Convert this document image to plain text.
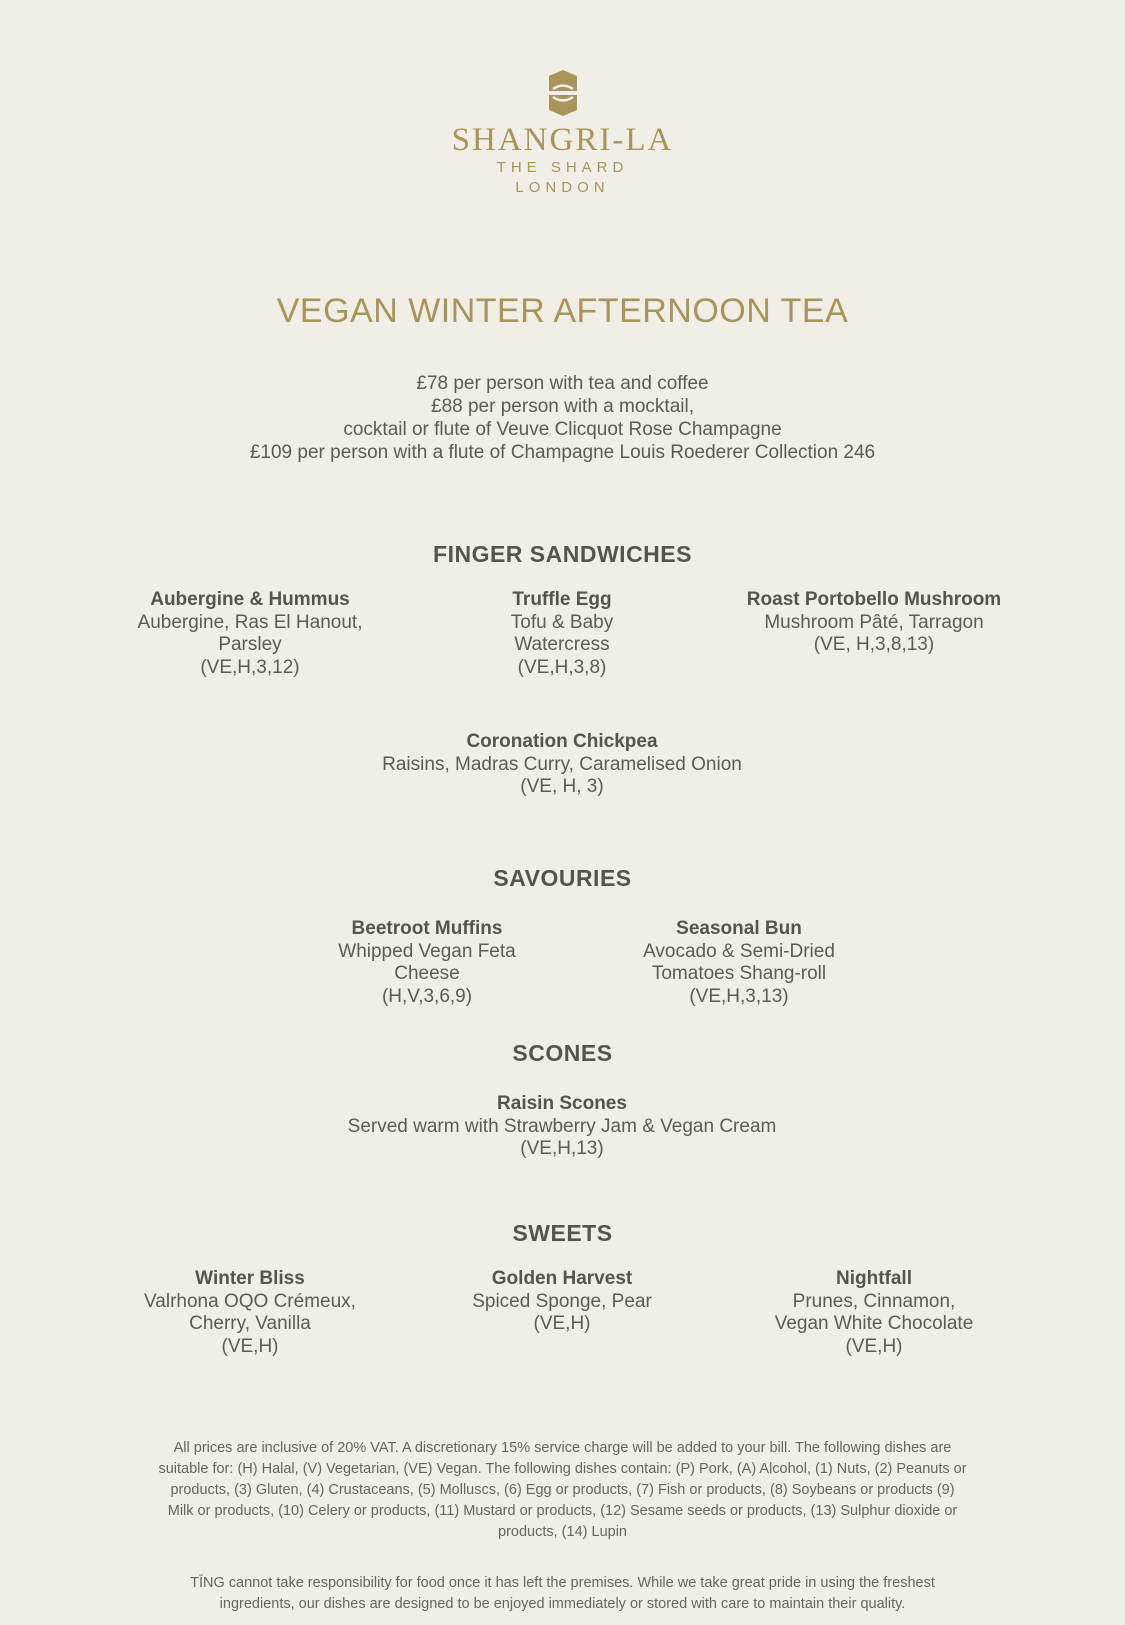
SHANGRI-LA
THE SHARD
LONDON
VEGAN WINTER AFTERNOON TEA
£78 per person with tea and coffee
£88 per person with a mocktail,
cocktail or flute of Veuve Clicquot Rose Champagne
£109 per person with a flute of Champagne Louis Roederer Collection 246
FINGER SANDWICHES
Aubergine & Hummus
Aubergine, Ras El Hanout,
Parsley
(VE,H,3,12)
Truffle Egg
Tofu & Baby
Watercress
(VE,H,3,8)
Roast Portobello Mushroom
Mushroom Pâté, Tarragon
(VE, H,3,8,13)
Coronation Chickpea
Raisins, Madras Curry, Caramelised Onion
(VE, H, 3)
SAVOURIES
Beetroot Muffins
Whipped Vegan Feta
Cheese
(H,V,3,6,9)
Seasonal Bun
Avocado & Semi-Dried
Tomatoes Shang-roll
(VE,H,3,13)
SCONES
Raisin Scones
Served warm with Strawberry Jam & Vegan Cream
(VE,H,13)
SWEETS
Winter Bliss
Valrhona OQO Crémeux,
Cherry, Vanilla
(VE,H)
Golden Harvest
Spiced Sponge, Pear
(VE,H)
Nightfall
Prunes, Cinnamon,
Vegan White Chocolate
(VE,H)
All prices are inclusive of 20% VAT. A discretionary 15% service charge will be added to your bill. The following dishes are
suitable for: (H) Halal, (V) Vegetarian, (VE) Vegan. The following dishes contain: (P) Pork, (A) Alcohol, (1) Nuts, (2) Peanuts or
products, (3) Gluten, (4) Crustaceans, (5) Molluscs, (6) Egg or products, (7) Fish or products, (8) Soybeans or products (9)
Milk or products, (10) Celery or products, (11) Mustard or products, (12) Sesame seeds or products, (13) Sulphur dioxide or
products, (14) Lupin
TĪNG cannot take responsibility for food once it has left the premises. While we take great pride in using the freshest
ingredients, our dishes are designed to be enjoyed immediately or stored with care to maintain their quality.
